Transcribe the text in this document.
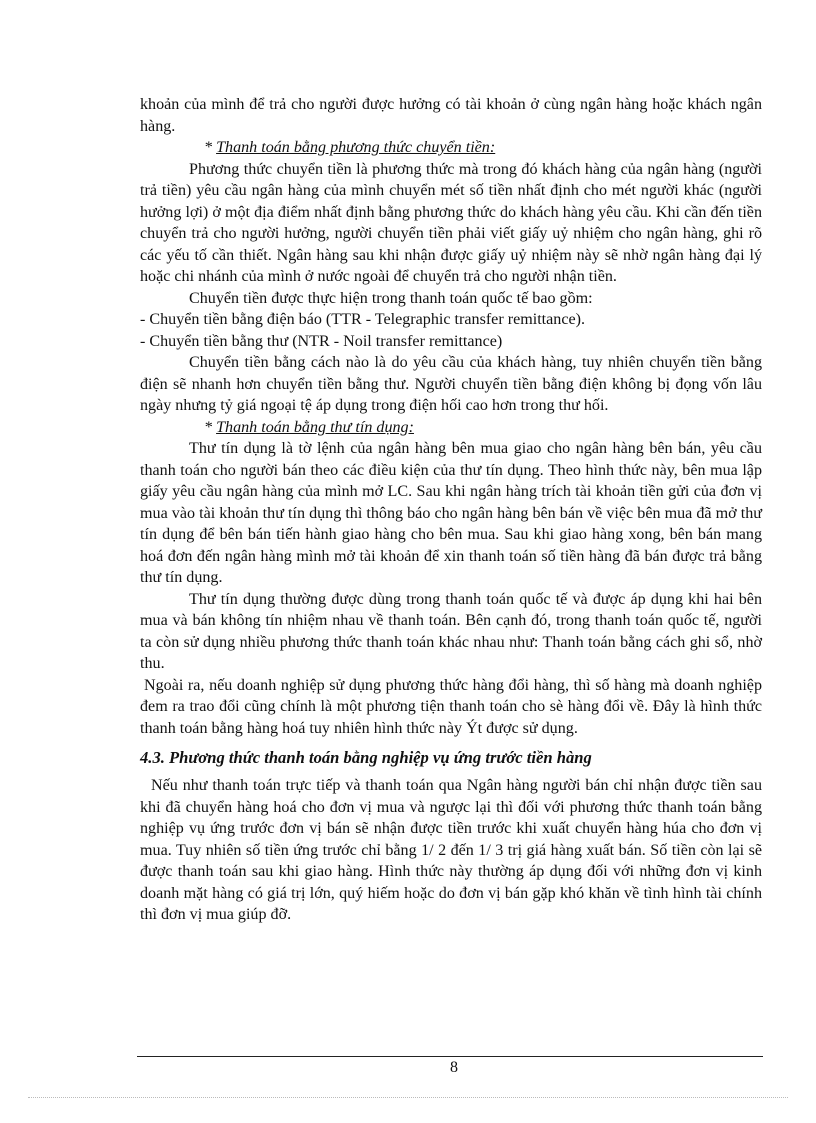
khoản của mình để trả cho người được hưởng có tài khoản ở cùng ngân hàng hoặc khách ngân hàng.

* Thanh toán bằng phương thức chuyển tiền:

Phương thức chuyển tiền là phương thức mà trong đó khách hàng của ngân hàng (người trả tiền) yêu cầu ngân hàng của mình chuyển mét số tiền nhất định cho mét người khác (người hưởng lợi) ở một địa điểm nhất định bằng phương thức do khách hàng yêu cầu. Khi cần đến tiền chuyển trả cho người hưởng, người chuyển tiền phải viết giấy uỷ nhiệm cho ngân hàng, ghi rõ các yếu tố cần thiết. Ngân hàng sau khi nhận được giấy uỷ nhiệm này sẽ nhờ ngân hàng đại lý hoặc chi nhánh của mình ở nước ngoài để chuyển trả cho người nhận tiền.

Chuyển tiền được thực hiện trong thanh toán quốc tế bao gồm:

- Chuyển tiền bằng điện báo (TTR - Telegraphic transfer remittance).

- Chuyển tiền bằng thư (NTR - Noil transfer remittance)

Chuyển tiền bằng cách nào là do yêu cầu của khách hàng, tuy nhiên chuyển tiền bằng điện sẽ nhanh hơn chuyển tiền bằng thư. Người chuyển tiền bằng điện không bị đọng vốn lâu ngày nhưng tỷ giá ngoại tệ áp dụng trong điện hối cao hơn trong thư hối.

* Thanh toán bằng thư tín dụng:

Thư tín dụng là tờ lệnh của ngân hàng bên mua giao cho ngân hàng bên bán, yêu cầu thanh toán cho người bán theo các điều kiện của thư tín dụng. Theo hình thức này, bên mua lập giấy yêu cầu ngân hàng của mình mở LC. Sau khi ngân hàng trích tài khoản tiền gửi của đơn vị mua vào tài khoản thư tín dụng thì thông báo cho ngân hàng bên bán về việc bên mua đã mở thư tín dụng để bên bán tiến hành giao hàng cho bên mua. Sau khi giao hàng xong, bên bán mang hoá đơn đến ngân hàng mình mở tài khoản để xin thanh toán số tiền hàng đã bán được trả bằng thư tín dụng.

Thư tín dụng thường được dùng trong thanh toán quốc tế và được áp dụng khi hai bên mua và bán không tín nhiệm nhau về thanh toán. Bên cạnh đó, trong thanh toán quốc tế, người ta còn sử dụng nhiều phương thức thanh toán khác nhau như: Thanh toán bằng cách ghi sổ, nhờ thu.

Ngoài ra, nếu doanh nghiệp sử dụng phương thức hàng đổi hàng, thì số hàng mà doanh nghiệp đem ra trao đổi cũng chính là một phương tiện thanh toán cho sè hàng đổi về. Đây là hình thức thanh toán bằng hàng hoá tuy nhiên hình thức này Ýt được sử dụng.

4.3. Phương thức thanh toán bằng nghiệp vụ ứng trước tiền hàng

Nếu như thanh toán trực tiếp và thanh toán qua Ngân hàng người bán chỉ nhận được tiền sau khi đã chuyển hàng hoá cho đơn vị mua và ngược lại thì đối với phương thức thanh toán bằng nghiệp vụ ứng trước đơn vị bán sẽ nhận được tiền trước khi xuất chuyển hàng húa cho đơn vị mua. Tuy nhiên số tiền ứng trước chỉ bằng 1/ 2 đến 1/ 3 trị giá hàng xuất bán. Số tiền còn lại sẽ được thanh toán sau khi giao hàng. Hình thức này thường áp dụng đối với những đơn vị kinh doanh mặt hàng có giá trị lớn, quý hiếm hoặc do đơn vị bán gặp khó khăn về tình hình tài chính thì đơn vị mua giúp đỡ.

8
